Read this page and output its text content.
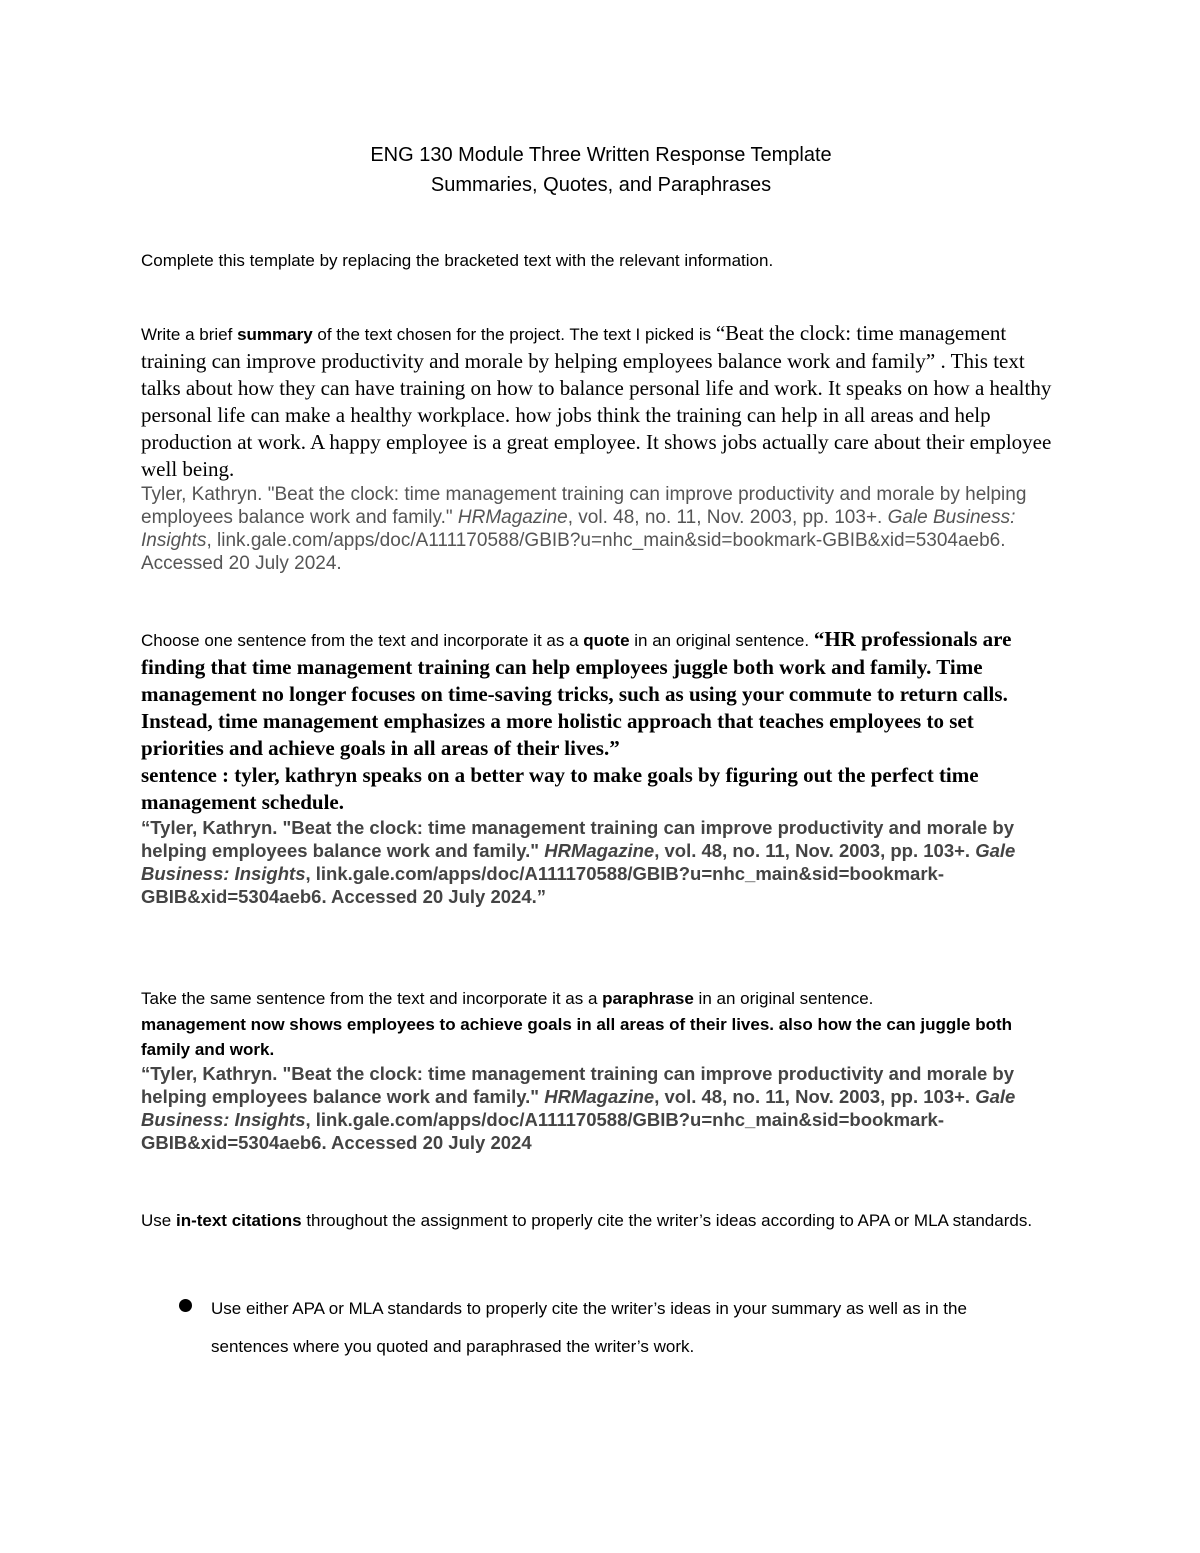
ENG 130 Module Three Written Response Template

Summaries, Quotes, and Paraphrases

Complete this template by replacing the bracketed text with the relevant information.

Write a brief summary of the text chosen for the project. The text I picked is “Beat the clock: time management training can improve productivity and morale by helping employees balance work and family” . This text talks about how they can have training on how to balance personal life and work. It speaks on how a healthy personal life can make a healthy workplace. how jobs think the training can help in all areas and help production at work. A happy employee is a great employee. It shows jobs actually care about their employee well being.

Tyler, Kathryn. "Beat the clock: time management training can improve productivity and morale by helping employees balance work and family." HRMagazine, vol. 48, no. 11, Nov. 2003, pp. 103+. Gale Business: Insights, link.gale.com/apps/doc/A111170588/GBIB?u=nhc_main&sid=bookmark-GBIB&xid=5304aeb6. Accessed 20 July 2024.

Choose one sentence from the text and incorporate it as a quote in an original sentence. “HR professionals are finding that time management training can help employees juggle both work and family. Time management no longer focuses on time-saving tricks, such as using your commute to return calls. Instead, time management emphasizes a more holistic approach that teaches employees to set priorities and achieve goals in all areas of their lives.”

sentence : tyler, kathryn speaks on a better way to make goals by figuring out the perfect time management schedule.

“Tyler, Kathryn. "Beat the clock: time management training can improve productivity and morale by helping employees balance work and family." HRMagazine, vol. 48, no. 11, Nov. 2003, pp. 103+. Gale Business: Insights, link.gale.com/apps/doc/A111170588/GBIB?u=nhc_main&sid=bookmark-GBIB&xid=5304aeb6. Accessed 20 July 2024.”

Take the same sentence from the text and incorporate it as a paraphrase in an original sentence.

management now shows employees to achieve goals in all areas of their lives. also how the can juggle both family and work.

“Tyler, Kathryn. "Beat the clock: time management training can improve productivity and morale by helping employees balance work and family." HRMagazine, vol. 48, no. 11, Nov. 2003, pp. 103+. Gale Business: Insights, link.gale.com/apps/doc/A111170588/GBIB?u=nhc_main&sid=bookmark-GBIB&xid=5304aeb6. Accessed 20 July 2024

Use in-text citations throughout the assignment to properly cite the writer’s ideas according to APA or MLA standards.

Use either APA or MLA standards to properly cite the writer’s ideas in your summary as well as in the sentences where you quoted and paraphrased the writer’s work.
